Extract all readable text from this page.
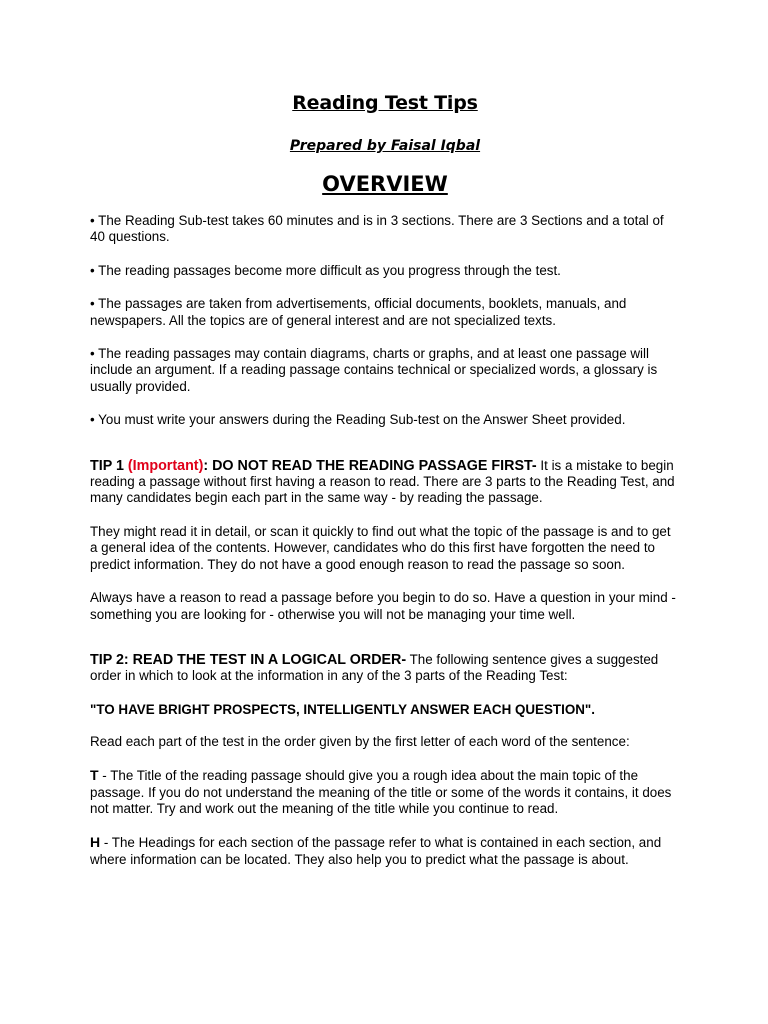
Reading Test Tips
Prepared by Faisal Iqbal
OVERVIEW

• The Reading Sub-test takes 60 minutes and is in 3 sections. There are 3 Sections and a total of 40 questions.

• The reading passages become more difficult as you progress through the test.

• The passages are taken from advertisements, official documents, booklets, manuals, and newspapers. All the topics are of general interest and are not specialized texts.

• The reading passages may contain diagrams, charts or graphs, and at least one passage will include an argument. If a reading passage contains technical or specialized words, a glossary is usually provided.

• You must write your answers during the Reading Sub-test on the Answer Sheet provided.

TIP 1 (Important): DO NOT READ THE READING PASSAGE FIRST- It is a mistake to begin reading a passage without first having a reason to read. There are 3 parts to the Reading Test, and many candidates begin each part in the same way - by reading the passage.

They might read it in detail, or scan it quickly to find out what the topic of the passage is and to get a general idea of the contents. However, candidates who do this first have forgotten the need to predict information. They do not have a good enough reason to read the passage so soon.

Always have a reason to read a passage before you begin to do so. Have a question in your mind - something you are looking for - otherwise you will not be managing your time well.

TIP 2: READ THE TEST IN A LOGICAL ORDER- The following sentence gives a suggested order in which to look at the information in any of the 3 parts of the Reading Test:

"TO HAVE BRIGHT PROSPECTS, INTELLIGENTLY ANSWER EACH QUESTION".

Read each part of the test in the order given by the first letter of each word of the sentence:

T - The Title of the reading passage should give you a rough idea about the main topic of the passage. If you do not understand the meaning of the title or some of the words it contains, it does not matter. Try and work out the meaning of the title while you continue to read.

H - The Headings for each section of the passage refer to what is contained in each section, and where information can be located. They also help you to predict what the passage is about.
